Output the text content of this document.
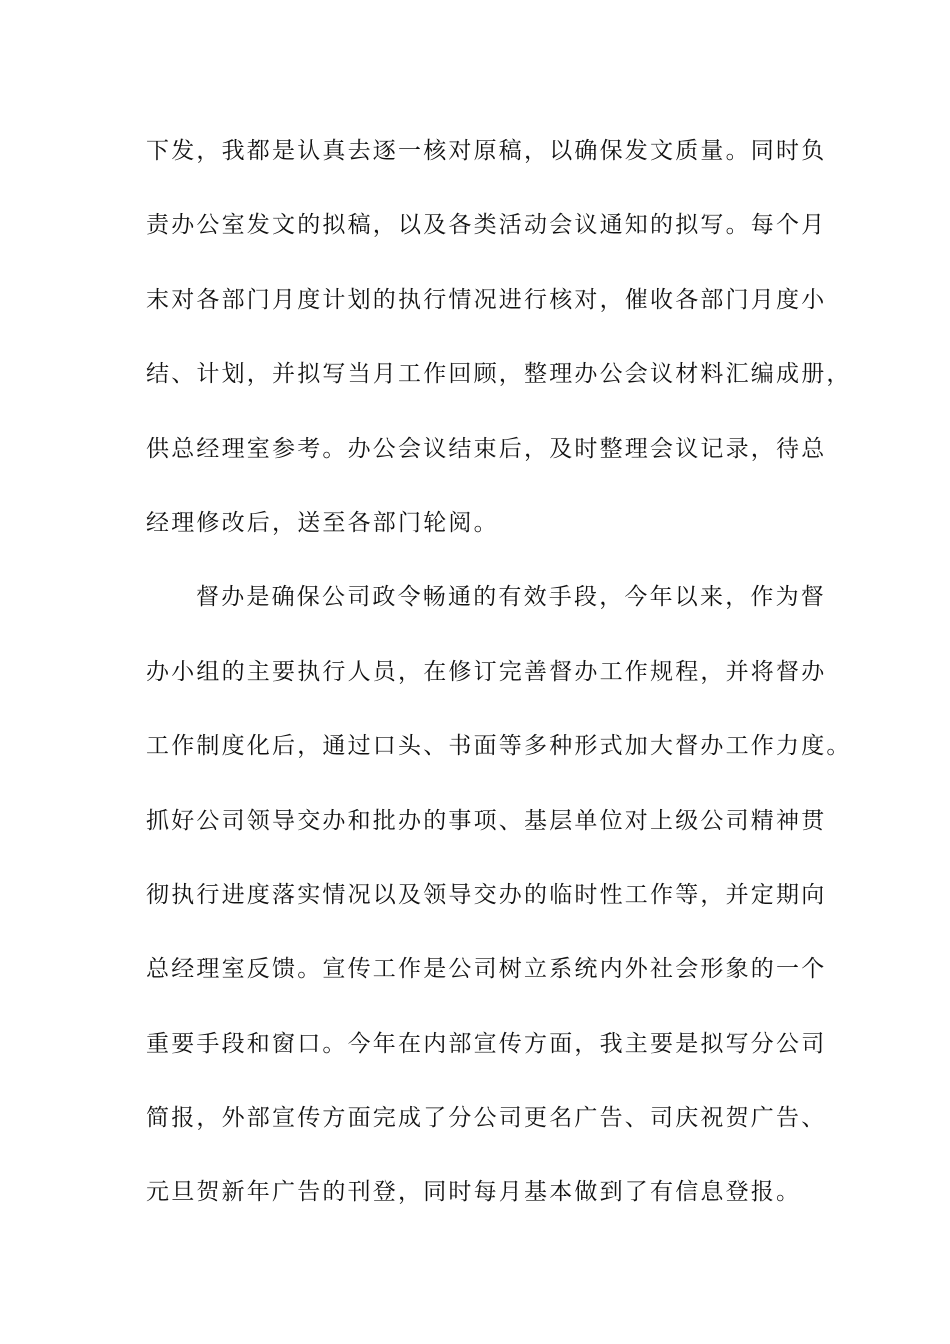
下发，我都是认真去逐一核对原稿，以确保发文质量。同时负
责办公室发文的拟稿，以及各类活动会议通知的拟写。每个月
末对各部门月度计划的执行情况进行核对，催收各部门月度小
结、计划，并拟写当月工作回顾，整理办公会议材料汇编成册，
供总经理室参考。办公会议结束后，及时整理会议记录，待总
经理修改后，送至各部门轮阅。
督办是确保公司政令畅通的有效手段，今年以来，作为督
办小组的主要执行人员，在修订完善督办工作规程，并将督办
工作制度化后，通过口头、书面等多种形式加大督办工作力度。
抓好公司领导交办和批办的事项、基层单位对上级公司精神贯
彻执行进度落实情况以及领导交办的临时性工作等，并定期向
总经理室反馈。宣传工作是公司树立系统内外社会形象的一个
重要手段和窗口。今年在内部宣传方面，我主要是拟写分公司
简报，外部宣传方面完成了分公司更名广告、司庆祝贺广告、
元旦贺新年广告的刊登，同时每月基本做到了有信息登报。
